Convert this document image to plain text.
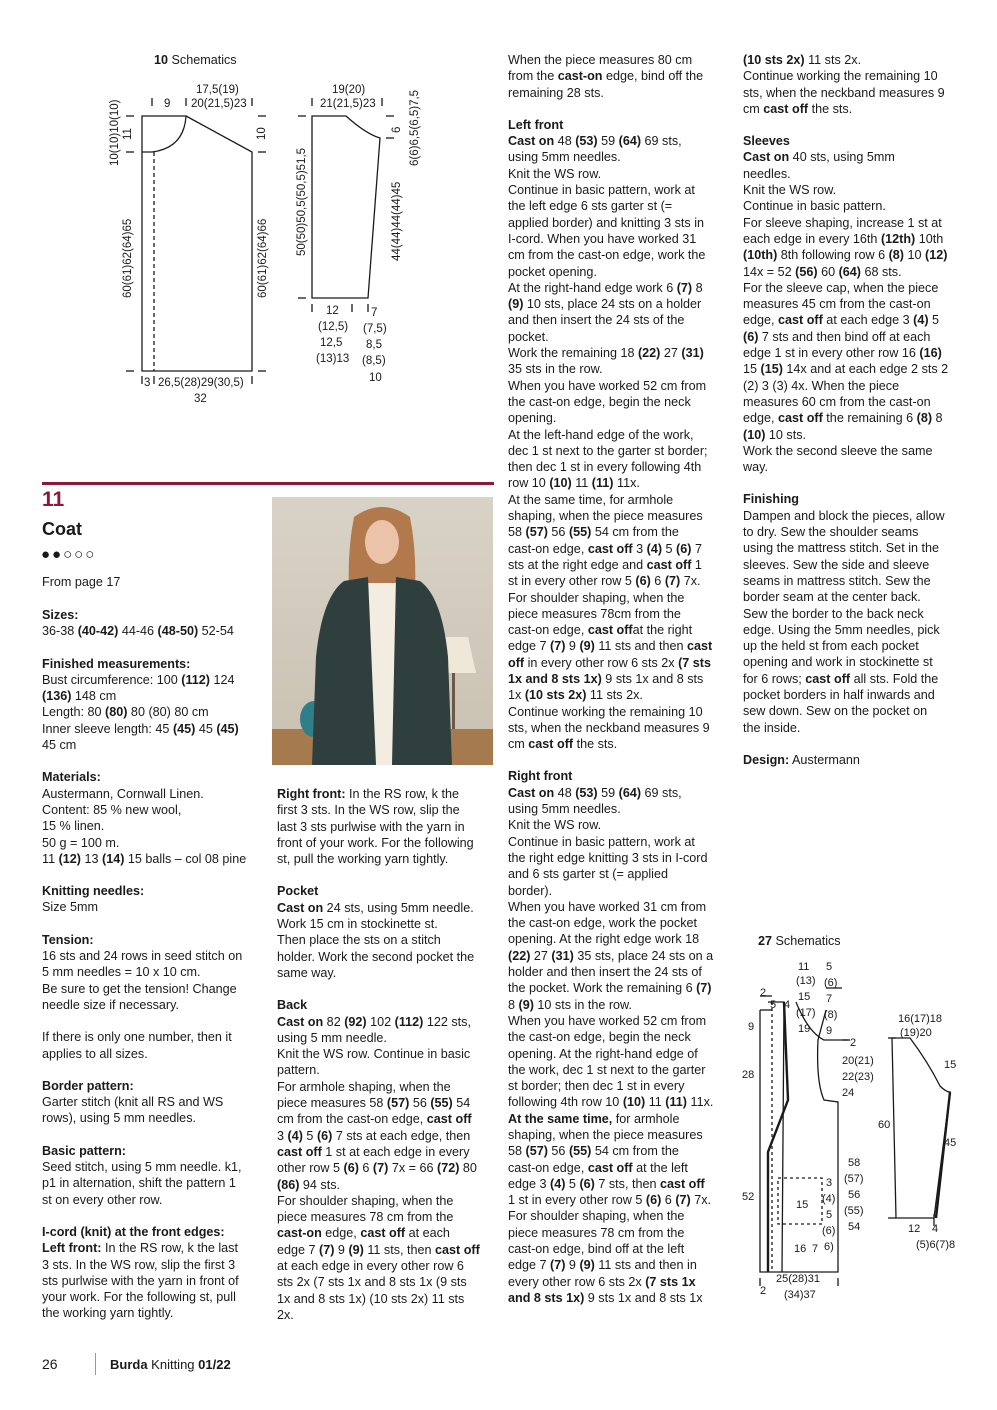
10 Schematics
17,5(19)
9 20(21,5)23
10(10)10(10) 11	10
60(61)62(64)65	60(61)62(64)66
3 26,5(28)29(30,5)
32
19(20)
21(21,5)23
6 6(6)6,5(6,5)7,5
50(50)50,5(50,5)51,5	44(44)44(44)45
12
(12,5)
12,5
(13)13
7
(7,5)
8,5
(8,5)
10
11
Coat
●●○○○
From page 17

Sizes:

36-38 (40-42) 44-46 (48-50) 52-54

Finished measurements:

Bust circumference: 100 (112) 124

(136) 148 cm

Length: 80 (80) 80 (80) 80 cm

Inner sleeve length: 45 (45) 45 (45)

45 cm

Materials:

Austermann, Cornwall Linen.

Content: 85 % new wool,

15 % linen.

50 g = 100 m.

11 (12) 13 (14) 15 balls – col 08 pine

Knitting needles:

Size 5mm

Tension:

16 sts and 24 rows in seed stitch on

5 mm needles = 10 x 10 cm.

Be sure to get the tension! Change

needle size if necessary.

If there is only one number, then it

applies to all sizes.

Border pattern:

Garter stitch (knit all RS and WS

rows), using 5 mm needles.

Basic pattern:

Seed stitch, using 5 mm needle. k1,

p1 in alternation, shift the pattern 1

st on every other row.

I-cord (knit) at the front edges:

Left front: In the RS row, k the last

3 sts. In the WS row, slip the first 3

sts purlwise with the yarn in front of

your work. For the following st, pull

the working yarn tightly.

Right front: In the RS row, k the

first 3 sts. In the WS row, slip the

last 3 sts purlwise with the yarn in

front of your work. For the following

st, pull the working yarn tightly.

Pocket

Cast on 24 sts, using 5mm needle.

Work 15 cm in stockinette st.

Then place the sts on a stitch

holder. Work the second pocket the

same way.

Back

Cast on 82 (92) 102 (112) 122 sts,

using 5 mm needle.

Knit the WS row. Continue in basic

pattern.

For armhole shaping, when the

piece measures 58 (57) 56 (55) 54

cm from the cast-on edge, cast off

3 (4) 5 (6) 7 sts at each edge, then

cast off 1 st at each edge in every

other row 5 (6) 6 (7) 7x = 66 (72) 80

(86) 94 sts.

For shoulder shaping, when the

piece measures 78 cm from the

cast-on edge, cast off at each

edge 7 (7) 9 (9) 11 sts, then cast off

at each edge in every other row 6

sts 2x (7 sts 1x and 8 sts 1x (9 sts

1x and 8 sts 1x) (10 sts 2x) 11 sts

2x.

When the piece measures 80 cm

from the cast-on edge, bind off the

remaining 28 sts.

Left front

Cast on 48 (53) 59 (64) 69 sts,

using 5mm needles.

Knit the WS row.

Continue in basic pattern, work at

the left edge 6 sts garter st (=

applied border) and knitting 3 sts in

I-cord. When you have worked 31

cm from the cast-on edge, work the

pocket opening.

At the right-hand edge work 6 (7) 8

(9) 10 sts, place 24 sts on a holder

and then insert the 24 sts of the

pocket.

Work the remaining 18 (22) 27 (31)

35 sts in the row.

When you have worked 52 cm from

the cast-on edge, begin the neck

opening.

At the left-hand edge of the work,

dec 1 st next to the garter st border;

then dec 1 st in every following 4th

row 10 (10) 11 (11) 11x.

At the same time, for armhole

shaping, when the piece measures

58 (57) 56 (55) 54 cm from the

cast-on edge, cast off 3 (4) 5 (6) 7

sts at the right edge and cast off 1

st in every other row 5 (6) 6 (7) 7x.

For shoulder shaping, when the

piece measures 78cm from the

cast-on edge, cast offat the right

edge 7 (7) 9 (9) 11 sts and then cast

off in every other row 6 sts 2x (7 sts

1x and 8 sts 1x) 9 sts 1x and 8 sts

1x (10 sts 2x) 11 sts 2x.

Continue working the remaining 10

sts, when the neckband measures 9

cm cast off the sts.

Right front

Cast on 48 (53) 59 (64) 69 sts,

using 5mm needles.

Knit the WS row.

Continue in basic pattern, work at

the right edge knitting 3 sts in I-cord

and 6 sts garter st (= applied

border).

When you have worked 31 cm from

the cast-on edge, work the pocket

opening. At the right edge work 18

(22) 27 (31) 35 sts, place 24 sts on a

holder and then insert the 24 sts of

the pocket. Work the remaining 6 (7)

8 (9) 10 sts in the row.

When you have worked 52 cm from

the cast-on edge, begin the neck

opening. At the right-hand edge of

the work, dec 1 st next to the garter

st border; then dec 1 st in every

following 4th row 10 (10) 11 (11) 11x.

At the same time, for armhole

shaping, when the piece measures

58 (57) 56 (55) 54 cm from the

cast-on edge, cast off at the left

edge 3 (4) 5 (6) 7 sts, then cast off

1 st in every other row 5 (6) 6 (7) 7x.

For shoulder shaping, when the

piece measures 78 cm from the

cast-on edge, bind off at the left

edge 7 (7) 9 (9) 11 sts and then in

every other row 6 sts 2x (7 sts 1x

and 8 sts 1x) 9 sts 1x and 8 sts 1x

(10 sts 2x) 11 sts 2x.

Continue working the remaining 10

sts, when the neckband measures 9

cm cast off the sts.

Sleeves

Cast on 40 sts, using 5mm

needles.

Knit the WS row.

Continue in basic pattern.

For sleeve shaping, increase 1 st at

each edge in every 16th (12th) 10th

(10th) 8th following row 6 (8) 10 (12)

14x = 52 (56) 60 (64) 68 sts.

For the sleeve cap, when the piece

measures 45 cm from the cast-on

edge, cast off at each edge 3 (4) 5

(6) 7 sts and then bind off at each

edge 1 st in every other row 16 (16)

15 (15) 14x and at each edge 2 sts 2

(2) 3 (3) 4x. When the piece

measures 60 cm from the cast-on

edge, cast off the remaining 6 (8) 8

(10) 10 sts.

Work the second sleeve the same

way.

Finishing

Dampen and block the pieces, allow

to dry. Sew the shoulder seams

using the mattress stitch. Set in the

sleeves. Sew the side and sleeve

seams in mattress stitch. Sew the

border seam at the center back.

Sew the border to the back neck

edge. Using the 5mm needles, pick

up the held st from each pocket

opening and work in stockinette st

for 6 rows; cast off all sts. Fold the

pocket borders in half inwards and

sew down. Sew on the pocket on

the inside.

Design: Austermann

27 Schematics
11 5
(13) (6)
15 7
(17) (8)
19 9
2
5 4
9
28
52
2
20(21)
22(23)
24
58
(57)
56
(55)
54
3
(4)
5
(6)
6)
15
16 7
25(28)31
(34)37
2
16(17)18
(19)20
15
60
45
12 4
(5)6(7)8
26	Burda Knitting 01/22
